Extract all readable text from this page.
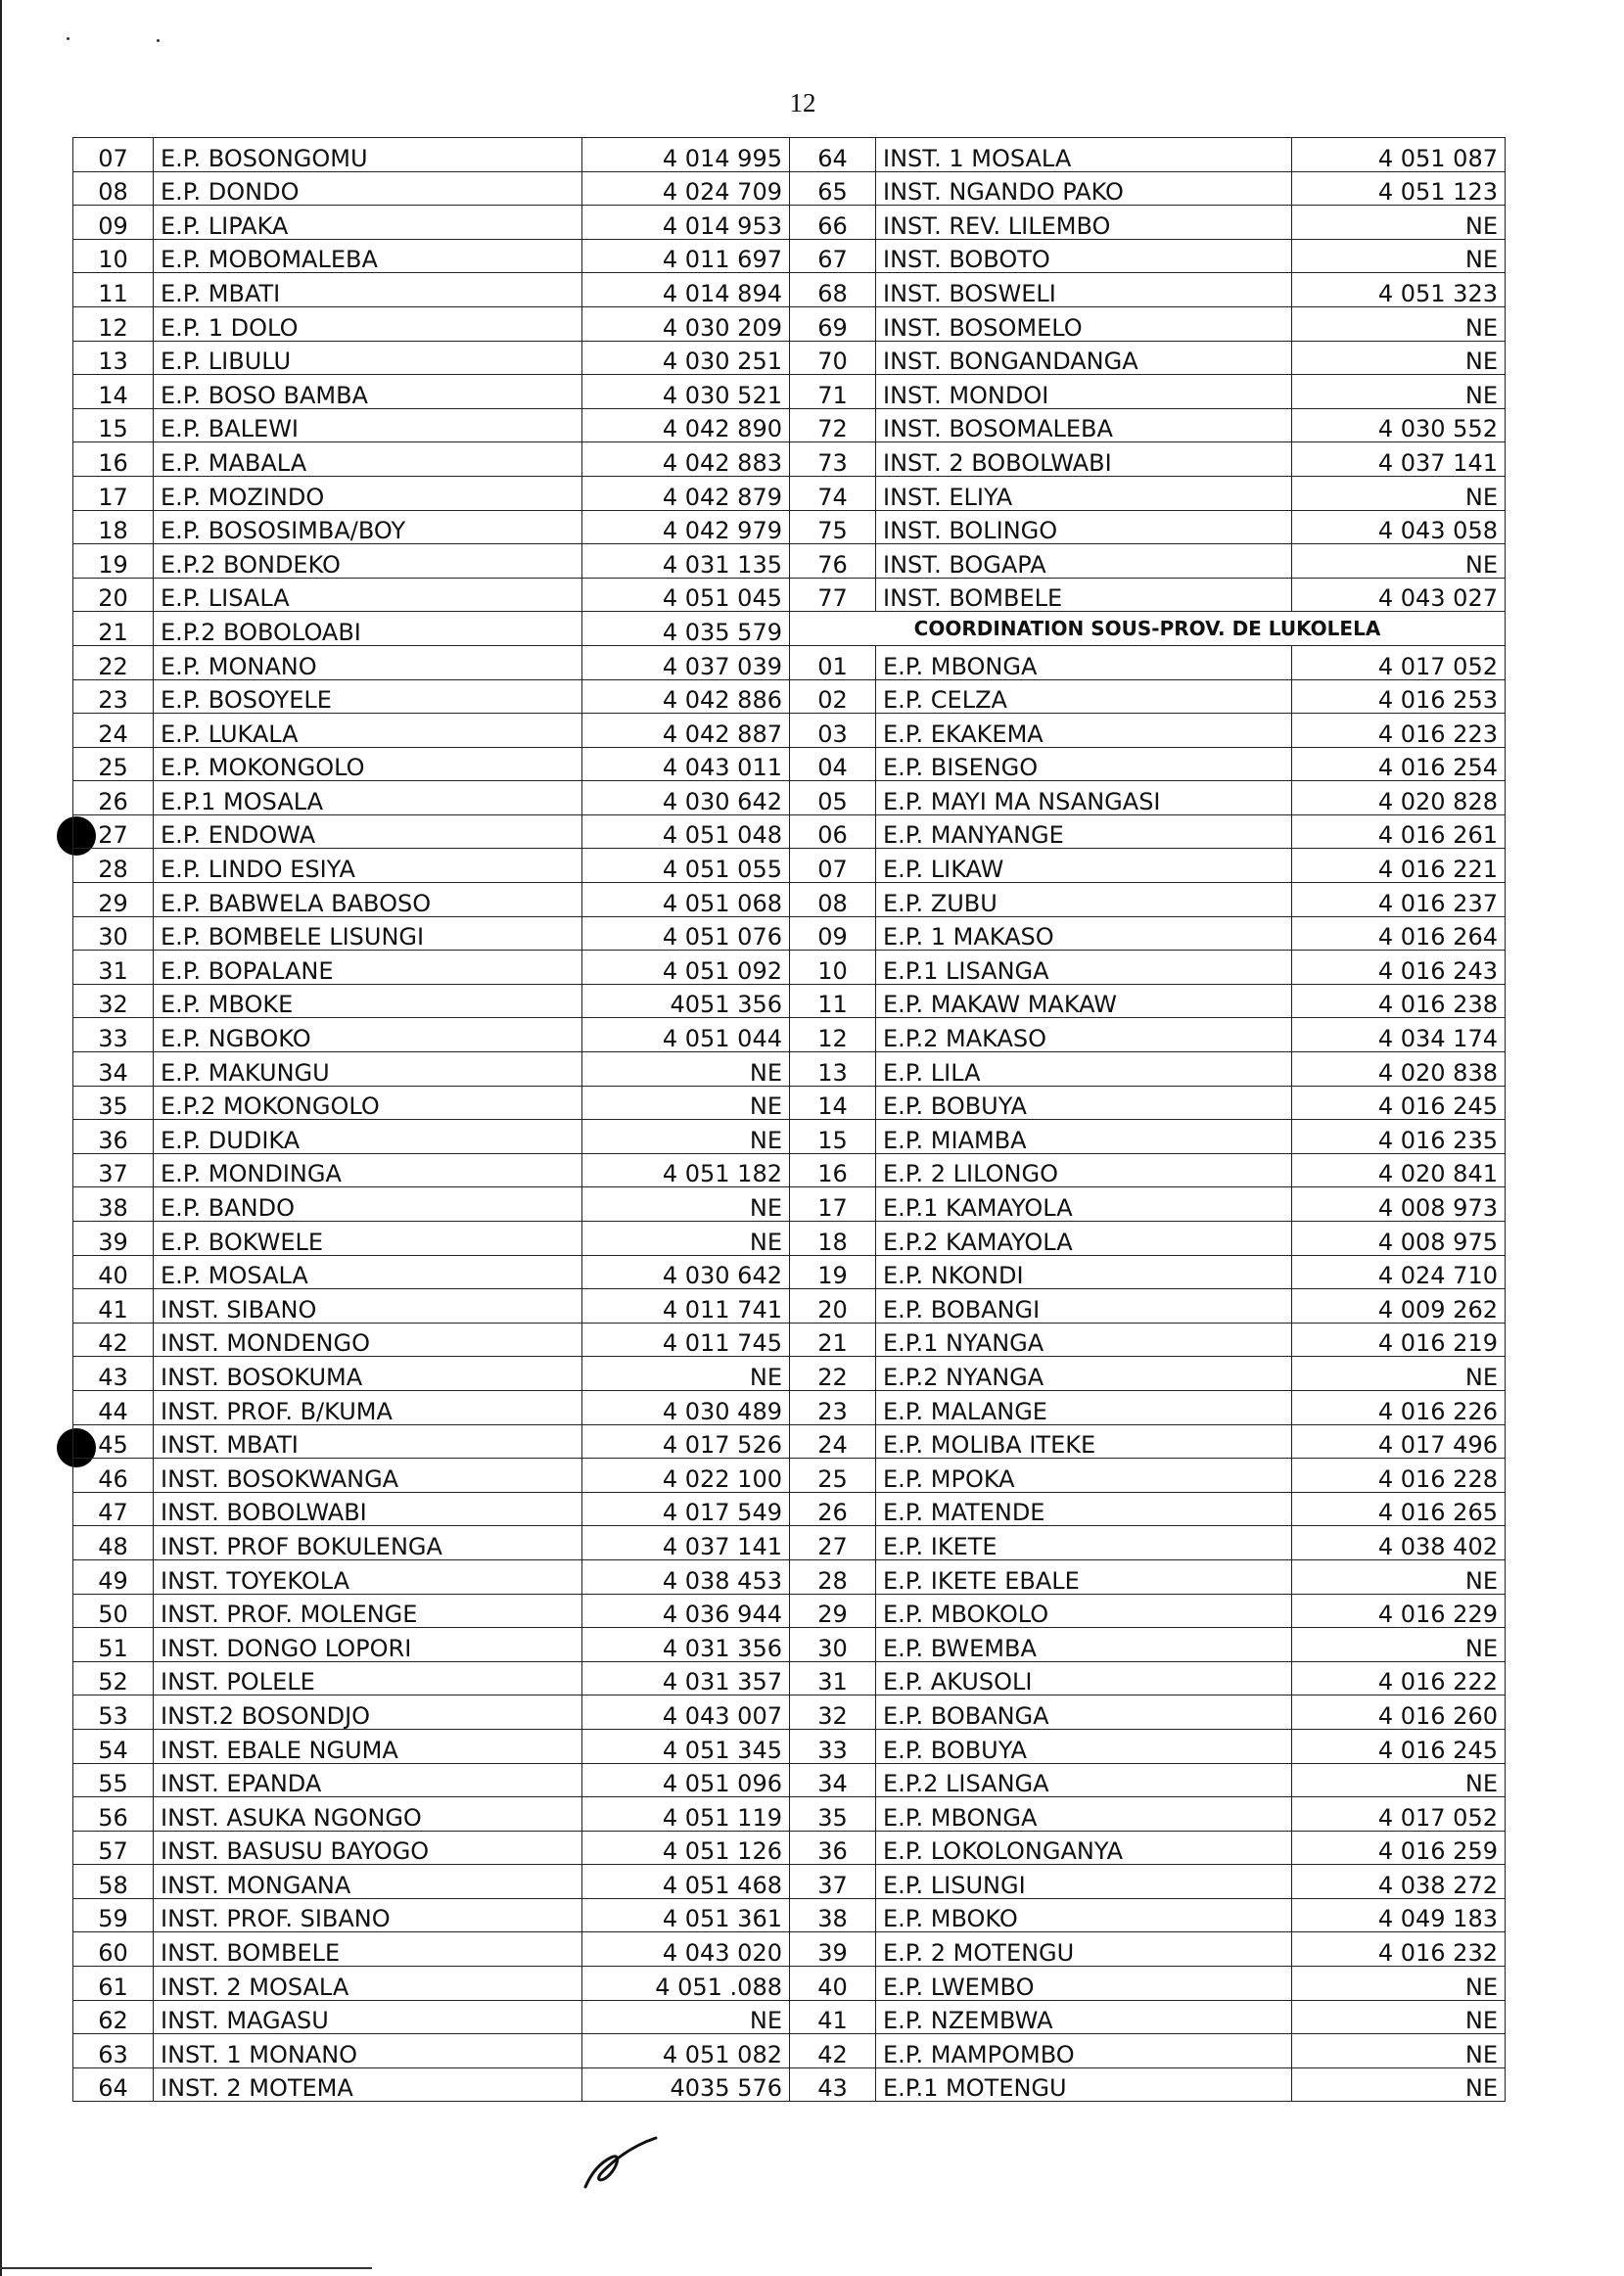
12
07	E.P. BOSONGOMU	4 014 995	64	INST. 1 MOSALA	4 051 087
08	E.P. DONDO	4 024 709	65	INST. NGANDO PAKO	4 051 123
09	E.P. LIPAKA	4 014 953	66	INST. REV. LILEMBO	NE
10	E.P. MOBOMALEBA	4 011 697	67	INST. BOBOTO	NE
11	E.P. MBATI	4 014 894	68	INST. BOSWELI	4 051 323
12	E.P. 1 DOLO	4 030 209	69	INST. BOSOMELO	NE
13	E.P. LIBULU	4 030 251	70	INST. BONGANDANGA	NE
14	E.P. BOSO BAMBA	4 030 521	71	INST. MONDOI	NE
15	E.P. BALEWI	4 042 890	72	INST. BOSOMALEBA	4 030 552
16	E.P. MABALA	4 042 883	73	INST. 2 BOBOLWABI	4 037 141
17	E.P. MOZINDO	4 042 879	74	INST. ELIYA	NE
18	E.P. BOSOSIMBA/BOY	4 042 979	75	INST. BOLINGO	4 043 058
19	E.P.2 BONDEKO	4 031 135	76	INST. BOGAPA	NE
20	E.P. LISALA	4 051 045	77	INST. BOMBELE	4 043 027
21	E.P.2 BOBOLOABI	4 035 579	COORDINATION SOUS-PROV. DE LUKOLELA		
22	E.P. MONANO	4 037 039	01	E.P. MBONGA	4 017 052
23	E.P. BOSOYELE	4 042 886	02	E.P. CELZA	4 016 253
24	E.P. LUKALA	4 042 887	03	E.P. EKAKEMA	4 016 223
25	E.P. MOKONGOLO	4 043 011	04	E.P. BISENGO	4 016 254
26	E.P.1 MOSALA	4 030 642	05	E.P. MAYI MA NSANGASI	4 020 828
27	E.P. ENDOWA	4 051 048	06	E.P. MANYANGE	4 016 261
28	E.P. LINDO ESIYA	4 051 055	07	E.P. LIKAW	4 016 221
29	E.P. BABWELA BABOSO	4 051 068	08	E.P. ZUBU	4 016 237
30	E.P. BOMBELE LISUNGI	4 051 076	09	E.P. 1 MAKASO	4 016 264
31	E.P. BOPALANE	4 051 092	10	E.P.1 LISANGA	4 016 243
32	E.P. MBOKE	4051 356	11	E.P. MAKAW MAKAW	4 016 238
33	E.P. NGBOKO	4 051 044	12	E.P.2 MAKASO	4 034 174
34	E.P. MAKUNGU	NE	13	E.P. LILA	4 020 838
35	E.P.2 MOKONGOLO	NE	14	E.P. BOBUYA	4 016 245
36	E.P. DUDIKA	NE	15	E.P. MIAMBA	4 016 235
37	E.P. MONDINGA	4 051 182	16	E.P. 2 LILONGO	4 020 841
38	E.P. BANDO	NE	17	E.P.1 KAMAYOLA	4 008 973
39	E.P. BOKWELE	NE	18	E.P.2 KAMAYOLA	4 008 975
40	E.P. MOSALA	4 030 642	19	E.P. NKONDI	4 024 710
41	INST. SIBANO	4 011 741	20	E.P. BOBANGI	4 009 262
42	INST. MONDENGO	4 011 745	21	E.P.1 NYANGA	4 016 219
43	INST. BOSOKUMA	NE	22	E.P.2 NYANGA	NE
44	INST. PROF. B/KUMA	4 030 489	23	E.P. MALANGE	4 016 226
45	INST. MBATI	4 017 526	24	E.P. MOLIBA ITEKE	4 017 496
46	INST. BOSOKWANGA	4 022 100	25	E.P. MPOKA	4 016 228
47	INST. BOBOLWABI	4 017 549	26	E.P. MATENDE	4 016 265
48	INST. PROF BOKULENGA	4 037 141	27	E.P. IKETE	4 038 402
49	INST. TOYEKOLA	4 038 453	28	E.P. IKETE EBALE	NE
50	INST. PROF. MOLENGE	4 036 944	29	E.P. MBOKOLO	4 016 229
51	INST. DONGO LOPORI	4 031 356	30	E.P. BWEMBA	NE
52	INST. POLELE	4 031 357	31	E.P. AKUSOLI	4 016 222
53	INST.2 BOSONDJO	4 043 007	32	E.P. BOBANGA	4 016 260
54	INST. EBALE NGUMA	4 051 345	33	E.P. BOBUYA	4 016 245
55	INST. EPANDA	4 051 096	34	E.P.2 LISANGA	NE
56	INST. ASUKA NGONGO	4 051 119	35	E.P. MBONGA	4 017 052
57	INST. BASUSU BAYOGO	4 051 126	36	E.P. LOKOLONGANYA	4 016 259
58	INST. MONGANA	4 051 468	37	E.P. LISUNGI	4 038 272
59	INST. PROF. SIBANO	4 051 361	38	E.P. MBOKO	4 049 183
60	INST. BOMBELE	4 043 020	39	E.P. 2 MOTENGU	4 016 232
61	INST. 2 MOSALA	4 051 .088	40	E.P. LWEMBO	NE
62	INST. MAGASU	NE	41	E.P. NZEMBWA	NE
63	INST. 1 MONANO	4 051 082	42	E.P. MAMPOMBO	NE
64	INST. 2 MOTEMA	4035 576	43	E.P.1 MOTENGU	NE
